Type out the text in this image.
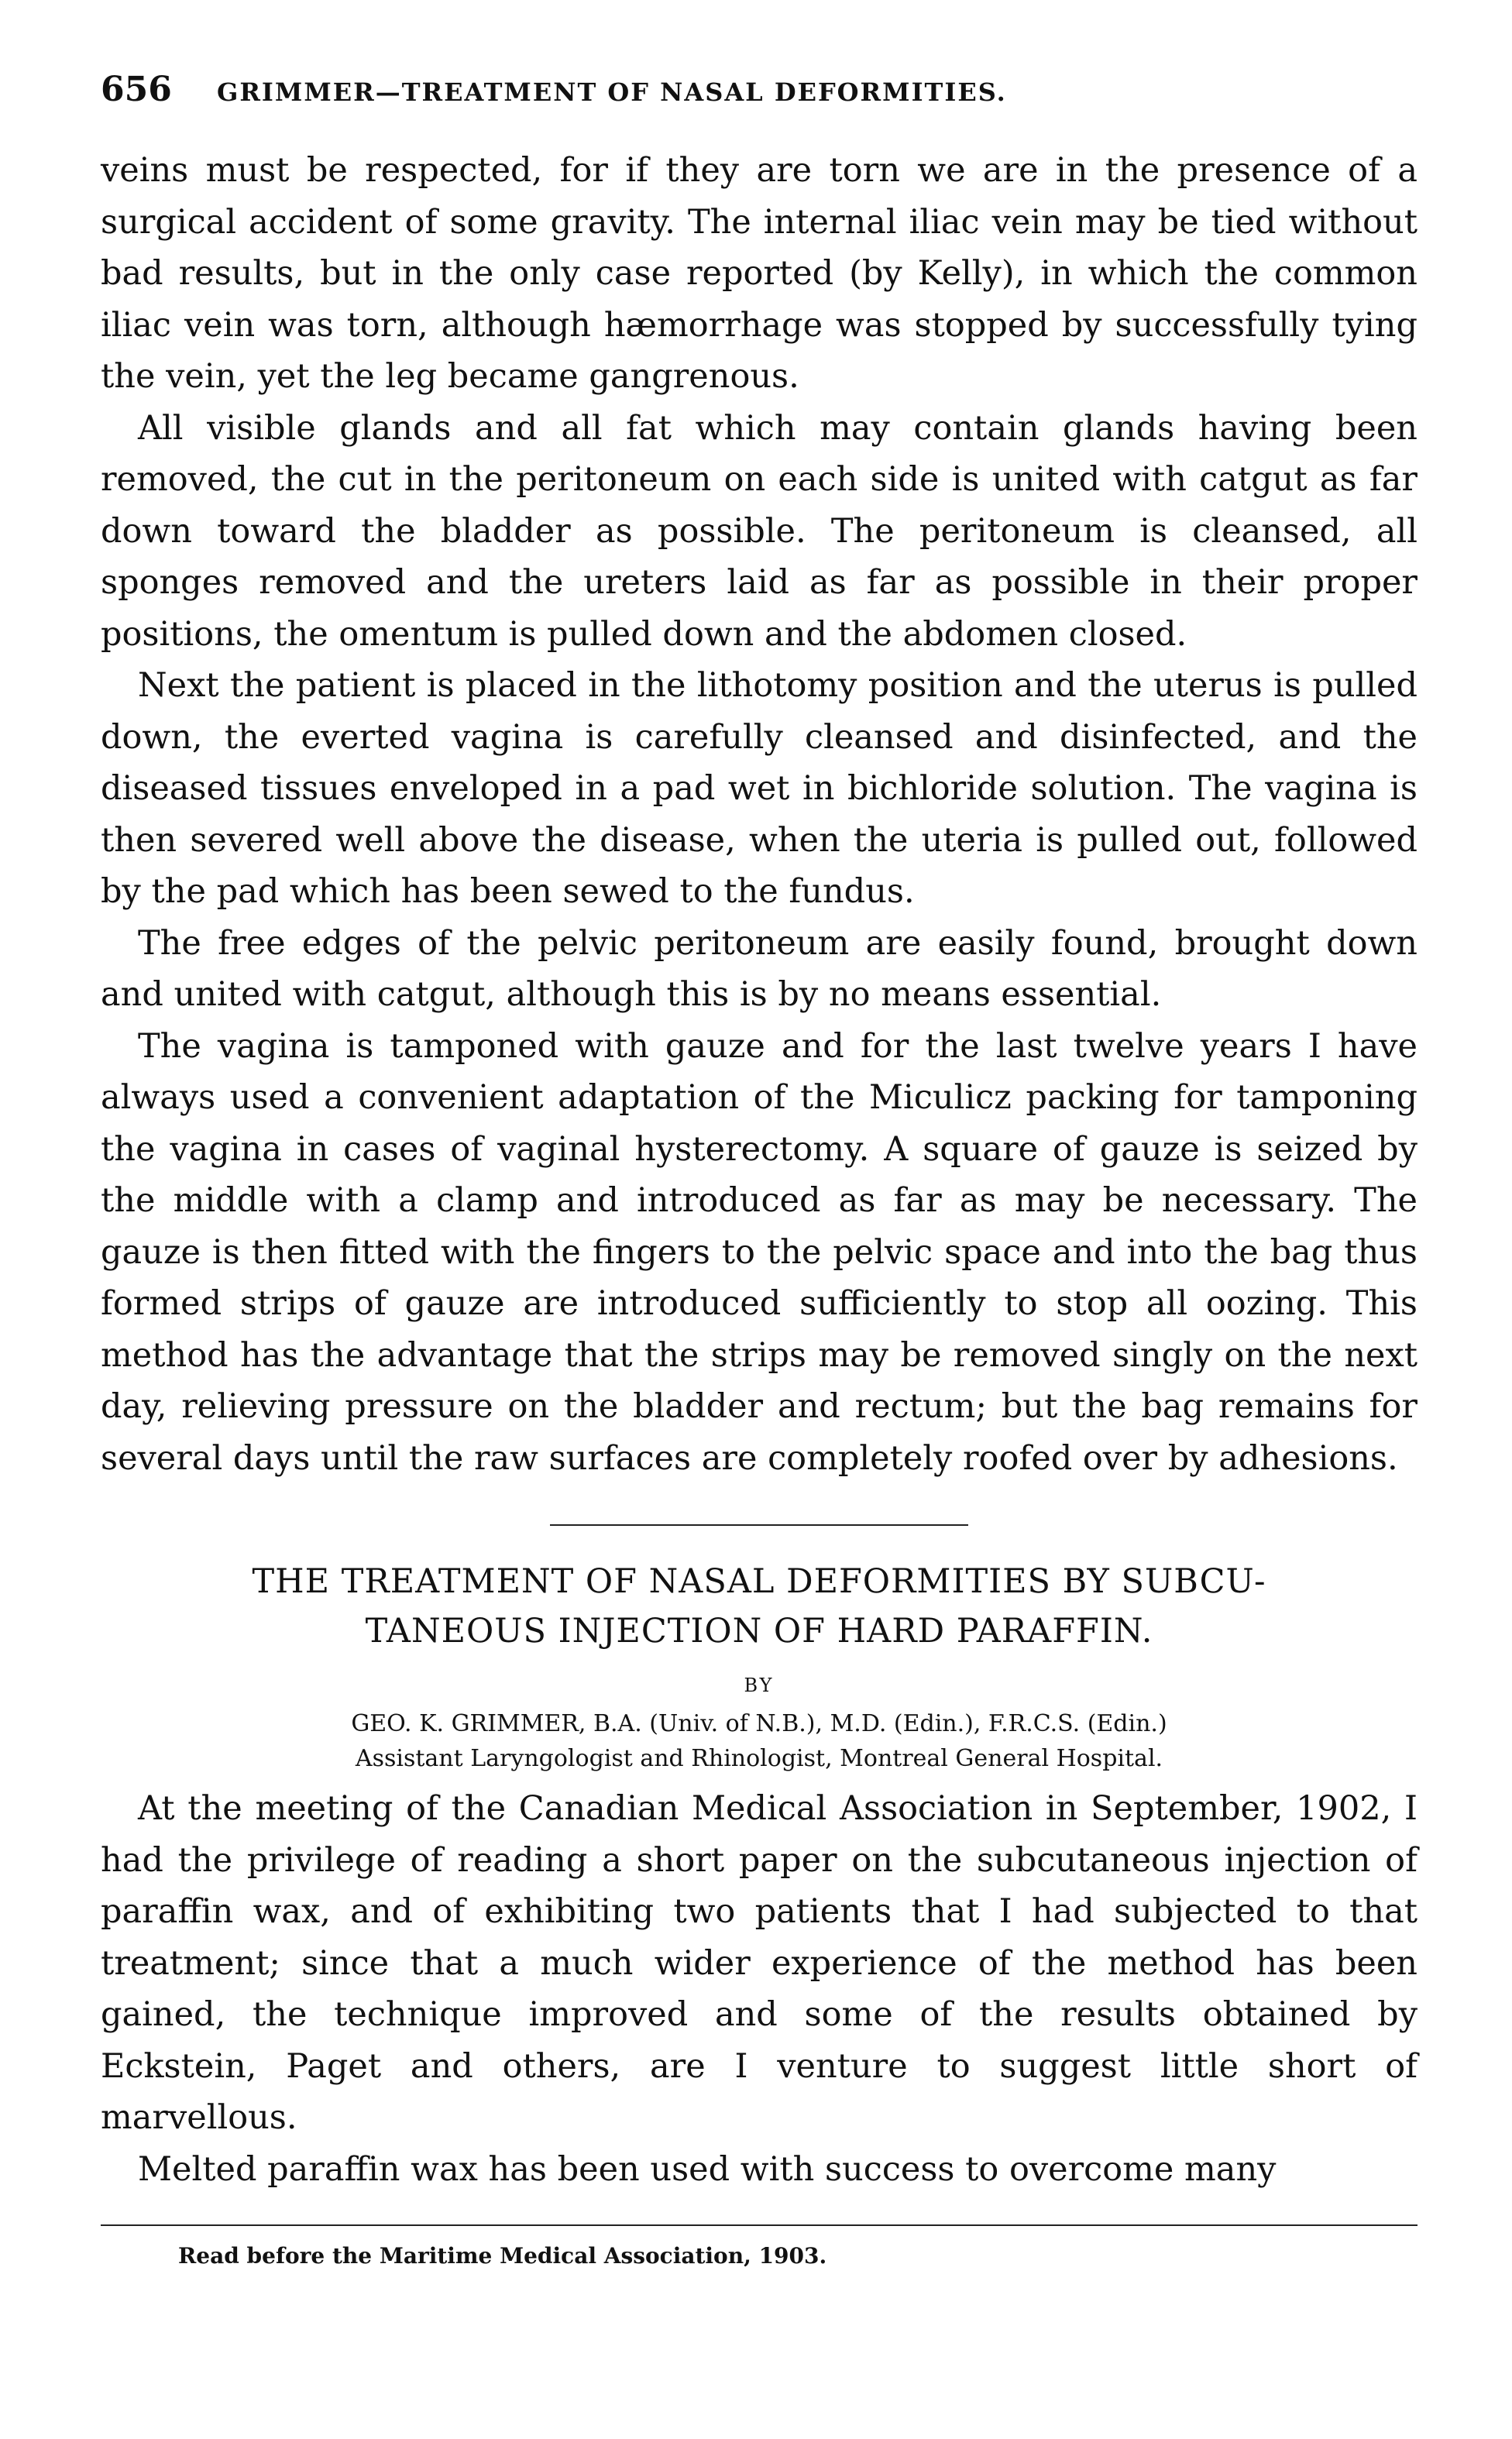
656	GRIMMER—TREATMENT OF NASAL DEFORMITIES.

veins must be respected, for if they are torn we are in the presence of a surgical accident of some gravity. The internal iliac vein may be tied without bad results, but in the only case reported (by Kelly), in which the common iliac vein was torn, although hæmorrhage was stopped by successfully tying the vein, yet the leg became gangrenous.

All visible glands and all fat which may contain glands having been removed, the cut in the peritoneum on each side is united with catgut as far down toward the bladder as possible. The peritoneum is cleansed, all sponges removed and the ureters laid as far as possible in their proper positions, the omentum is pulled down and the abdomen closed.

Next the patient is placed in the lithotomy position and the uterus is pulled down, the everted vagina is carefully cleansed and disinfected, and the diseased tissues enveloped in a pad wet in bichloride solution. The vagina is then severed well above the disease, when the uteria is pulled out, followed by the pad which has been sewed to the fundus.

The free edges of the pelvic peritoneum are easily found, brought down and united with catgut, although this is by no means essential.

The vagina is tamponed with gauze and for the last twelve years I have always used a convenient adaptation of the Miculicz packing for tamponing the vagina in cases of vaginal hysterectomy. A square of gauze is seized by the middle with a clamp and introduced as far as may be necessary. The gauze is then fitted with the fingers to the pelvic space and into the bag thus formed strips of gauze are introduced sufficiently to stop all oozing. This method has the advantage that the strips may be removed singly on the next day, relieving pressure on the bladder and rectum; but the bag remains for several days until the raw surfaces are completely roofed over by adhesions.

THE TREATMENT OF NASAL DEFORMITIES BY SUBCU-

TANEOUS INJECTION OF HARD PARAFFIN.

BY
GEO. K. GRIMMER, B.A. (Univ. of N.B.), M.D. (Edin.), F.R.C.S. (Edin.)
Assistant Laryngologist and Rhinologist, Montreal General Hospital.

At the meeting of the Canadian Medical Association in September, 1902, I had the privilege of reading a short paper on the subcutaneous injection of paraffin wax, and of exhibiting two patients that I had subjected to that treatment; since that a much wider experience of the method has been gained, the technique improved and some of the results obtained by Eckstein, Paget and others, are I venture to suggest little short of marvellous.

Melted paraffin wax has been used with success to overcome many

Read before the Maritime Medical Association, 1903.
